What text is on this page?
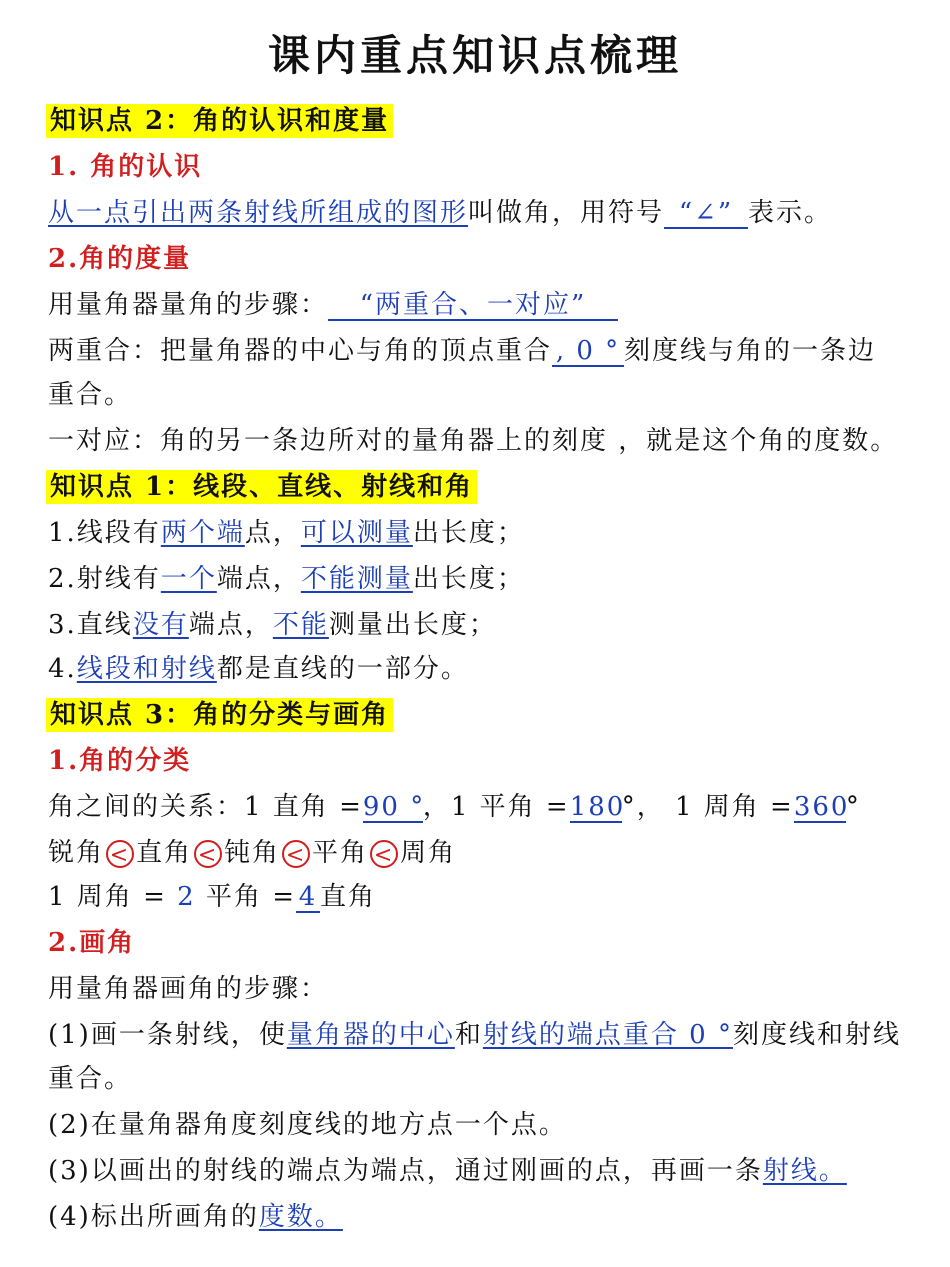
课内重点知识点梳理
知识点 2：角的认识和度量
1. 角的认识
从一点引出两条射线所组成的图形叫做角，用符号 “∠” 表示。
2.角的度量
用量角器量角的步骤： “两重合、一对应”
两重合：把量角器的中心与角的顶点重合 , 0 ° 刻度线与角的一条边
重合。
一对应：角的另一条边所对的量角器上的刻度 ，就是这个角的度数。
知识点 1：线段、直线、射线和角
1.线段有两个端点，可以测量出长度；
2.射线有一个端点，不能测量出长度；
3.直线没有端点，不能测量出长度；
4.线段和射线都是直线的一部分。
知识点 3：角的分类与画角
1.角的分类
角之间的关系：1 直角 =90 °，1 平角 =180°， 1 周角 =360°
锐角 < 直角 < 钝角 < 平角 < 周角
1 周角 = 2 平角 = 4 直角
2.画角
用量角器画角的步骤：
(1)画一条射线，使量角器的中心和射线的端点重合 0 °刻度线和射线
重合。
(2)在量角器角度刻度线的地方点一个点。
(3)以画出的射线的端点为端点，通过刚画的点，再画一条射线。
(4)标出所画角的度数。
